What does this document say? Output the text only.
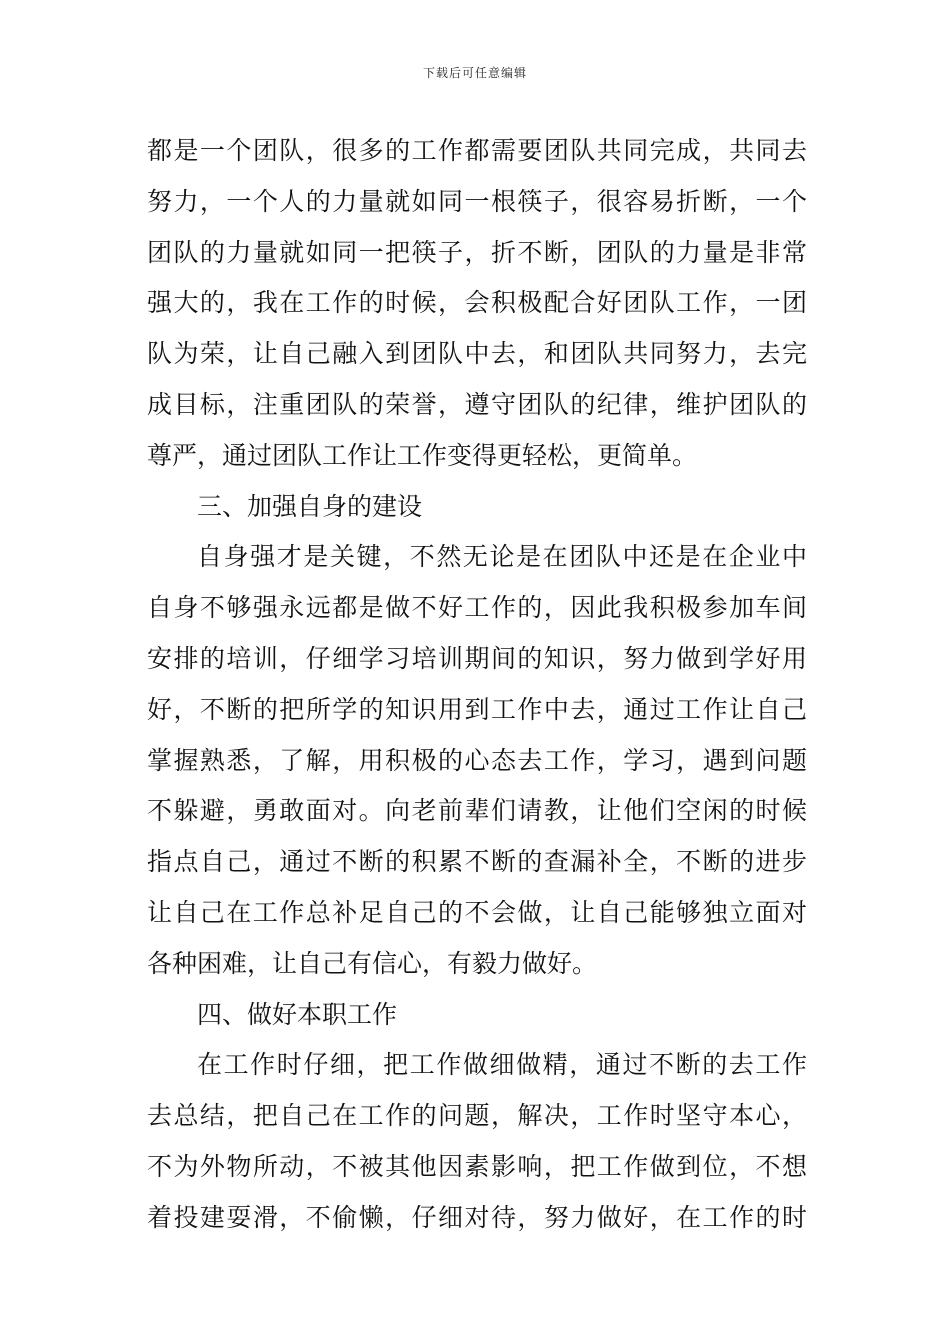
下载后可任意编辑
都是一个团队，很多的工作都需要团队共同完成，共同去
努力，一个人的力量就如同一根筷子，很容易折断，一个
团队的力量就如同一把筷子，折不断，团队的力量是非常
强大的，我在工作的时候，会积极配合好团队工作，一团
队为荣，让自己融入到团队中去，和团队共同努力，去完
成目标，注重团队的荣誉，遵守团队的纪律，维护团队的
尊严，通过团队工作让工作变得更轻松，更简单。
三、加强自身的建设
自身强才是关键，不然无论是在团队中还是在企业中
自身不够强永远都是做不好工作的，因此我积极参加车间
安排的培训，仔细学习培训期间的知识，努力做到学好用
好，不断的把所学的知识用到工作中去，通过工作让自己
掌握熟悉，了解，用积极的心态去工作，学习，遇到问题
不躲避，勇敢面对。向老前辈们请教，让他们空闲的时候
指点自己，通过不断的积累不断的查漏补全，不断的进步
让自己在工作总补足自己的不会做，让自己能够独立面对
各种困难，让自己有信心，有毅力做好。
四、做好本职工作
在工作时仔细，把工作做细做精，通过不断的去工作
去总结，把自己在工作的问题，解决，工作时坚守本心，
不为外物所动，不被其他因素影响，把工作做到位，不想
着投建耍滑，不偷懒，仔细对待，努力做好，在工作的时
